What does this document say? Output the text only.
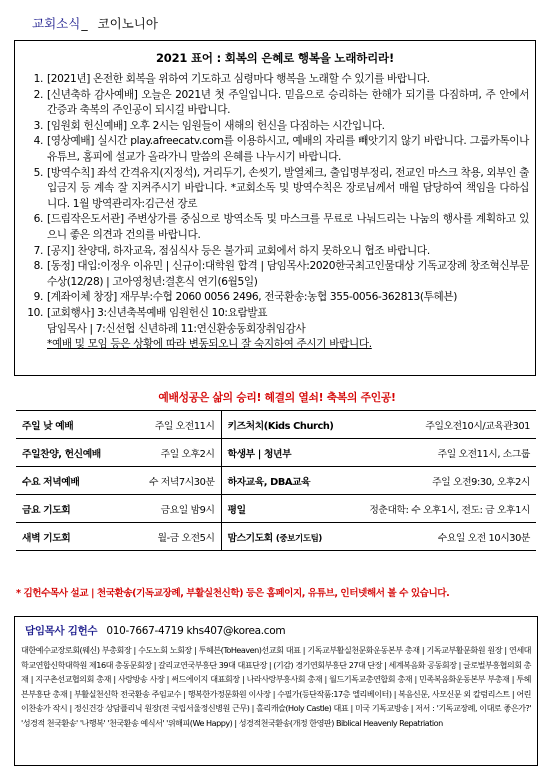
교회소식_ 코이노니아
2021 표어 : 회복의 은혜로 행복을 노래하리라!
1. [2021년] 온전한 회복을 위하여 기도하고 심령마다 행복을 노래할 수 있기를 바랍니다.
2. [신년축하 감사예배] 오늘은 2021년 첫 주일입니다. 믿음으로 승리하는 한해가 되기를 다짐하며, 주 안에서 간증과 축복의 주인공이 되시길 바랍니다.
3. [임원회 헌신예배] 오후 2시는 임원들이 새해의 헌신을 다짐하는 시간입니다.
4. [영상예배] 실시간 play.afreecatv.com를 이용하시고, 예배의 자리를 빼앗기지 않기 바랍니다. 그룹카톡이나 유튜브, 홈피에 설교가 올라가니 말씀의 은혜를 나누시기 바랍니다.
5. [방역수칙] 좌석 간격유지(지정석), 거리두기, 손씻기, 발열체크, 출입명부정리, 전교인 마스크 착용, 외부인 출입금지 등 계속 잘 지켜주시기 바랍니다. *교회소독 및 방역수칙은 장로님께서 매월 담당하여 책임을 다하십니다. 1월 방역관리자:김근선 장로
6. [드림작은도서관] 주변상가를 중심으로 방역소독 및 마스크를 무료로 나눠드리는 나눔의 행사를 계획하고 있으니 좋은 의견과 건의를 바랍니다.
7. [공지] 찬양대, 하자교육, 점심식사 등은 불가피 교회에서 하지 못하오니 협조 바랍니다.
8. [동정] 대입:이정우 이유민 | 신규이:대학원 합격 | 담임목사:2020한국최고인물대상 기독교장례 창조혁신부문 수상(12/28) | 고아영청년:결혼식 연기(6월5일)
9. [계좌이체 창장] 재무부:수협 2060 0056 2496, 전국환송:농협 355-0056-362813(투헤븐)
10. [교회행사] 3:신년축복예배 임원헌신 10:요람발표
담임목사 | 7:신선협 신년하례 11:연신환송동회장취임감사
*예배 및 모임 등은 상황에 따라 변동되오니 잘 숙지하여 주시기 바랍니다.
예배성공은 삶의 승리! 헤결의 열쇠! 축복의 주인공!
주일 낮 예배 주일 오전11시	키즈처치(Kids Church) 주일오전10시/교육관301

주일찬양, 헌신예배 주일 오후2시	학생부 | 청년부 주일 오전11시, 소그룹

수요 저녁예배 수 저녁7시30분	하자교육, DBA교육 주일 오전9:30, 오후2시

금요 기도회 금요일 밤9시	평일 정춘대학: 수 오후1시, 전도: 금 오후1시

새벽 기도회 월-금 오전5시	맘스기도회 (중보기도팀) 수요일 오전 10시30분
* 김헌수목사 설교 | 천국환송(기독교장례, 부활실천신학) 등은 홈페이지, 유튜브, 인터넷해서 볼 수 있습니다.
담임목사 김헌수 010-7667-4719 khs407@korea.com
대한예수교장로회(웨신) 부총회장 | 수도노회 노회장 | 투헤븐(ToHeaven)선교회 대표 | 기독교부활실천문화운동본부 총재 | 기독교부활문화원 원장 | 연세대학교연합신학대학원 제16대 총동문회장 | 갈리교연국부흥단 39대 대표단장 | (기감) 경기연회부흥단 27대 단장 | 세계복음화 공동회장 | 글로벌부흥협의회 총재 | 지구촌선교협의회 총재 | 사랑방송 사장 | 써드에이지 대표회장 | 나라사랑부흥사회 총재 | 월드기독교총연합회 총재 | 민족복음화운동본부 부총재 | 투헤븐부흥단 총재 | 부활실천신학 전국환송 주임교수 | 행복한가정문화원 이사장 | 수필가(등단작품:17층 엘리베이터) | 복음신문, 사모신문 외 칼럼리스트 | 어린이찬송가 작시 | 정신건강 상담플리닉 원장(전 국립서울정신병원 근무) | 홀리캐슬(Holy Castle) 대표 | 미국 기독교방송 | 저서 : '기독교장례, 이대로 좋은가?' '성경적 천국환송' '나행복' '천국환송 예식서' '위해피(We Happy) | 성경적천국환송(개정 한영판) Biblical Heavenly Repatriation
